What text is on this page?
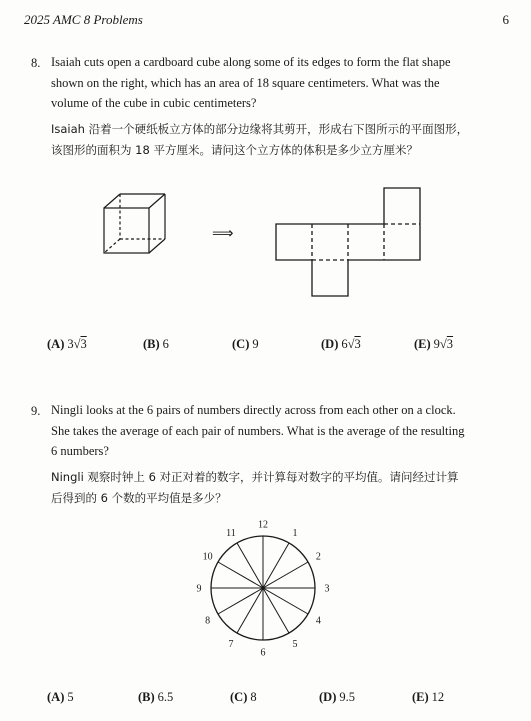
2025 AMC 8 Problems	6
8. Isaiah cuts open a cardboard cube along some of its edges to form the flat shape
shown on the right, which has an area of 18 square centimeters. What was the
volume of the cube in cubic centimeters?
Isaiah 沿着一个硬纸板立方体的部分边缘将其剪开，形成右下图所示的平面图形，
该图形的面积为 18 平方厘米。请问这个立方体的体积是多少立方厘米？
⟹
(A) 3√3	(B) 6	(C) 9	(D) 6√3	(E) 9√3
9. Ningli looks at the 6 pairs of numbers directly across from each other on a clock.
She takes the average of each pair of numbers. What is the average of the resulting
6 numbers?
Ningli 观察时钟上 6 对正对着的数字，并计算每对数字的平均值。请问经过计算
后得到的 6 个数的平均值是多少？
12
1
2
3
4
5
6
7
8
9
10
11
(A) 5	(B) 6.5	(C) 8	(D) 9.5	(E) 12
